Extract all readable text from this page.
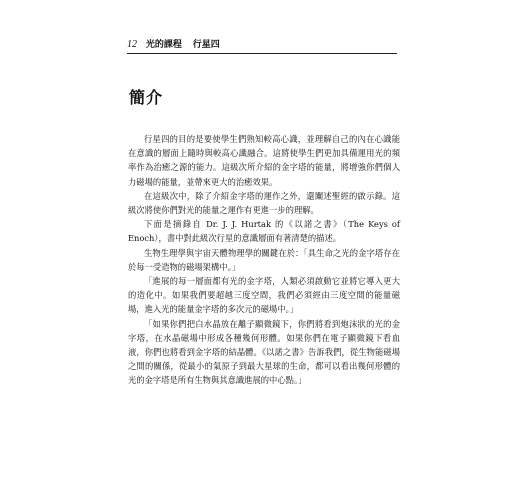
12 光的課程 行星四
簡介

行星四的目的是要使學生們熟知較高心識，並理解自己的內在心識能在意識的層面上隨時與較高心識融合。這將使學生們更加具備運用光的頻率作為治癒之源的能力。這級次所介紹的金字塔的能量，將增強你們個人力磁場的能量，並帶來更大的治癒效果。

在這級次中，除了介紹金字塔的運作之外，還闡述聖經的啟示錄。這級次將使你們對光的能量之運作有更進一步的理解。

下面是摘錄自 Dr. J. J. Hurtak 的《以諾之書》（The Keys of Enoch），書中對此級次行星的意識層面有著清楚的描述。

生物生理學與宇宙天體物理學的關鍵在於：「具生命之光的金字塔存在於每一受造物的磁場架構中。」

「進展的每一層面都有光的金字塔，人類必須啟動它並將它導入更大的造化中。如果我們要超越三度空間，我們必須經由三度空間的能量磁場，進入光的能量金字塔的多次元的磁場中。」

「如果你們把白水晶放在離子顯微鏡下，你們將看到炮沫狀的光的金字塔，在水晶磁場中形成各種幾何形體。如果你們在電子顯微鏡下看血液，你們也將看到金字塔的結晶體。《以諾之書》告訴我們，從生物能磁場之間的關係，從最小的氣原子到最大星球的生命，都可以看出幾何形體的光的金字塔是所有生物與其意識進展的中心點。」
